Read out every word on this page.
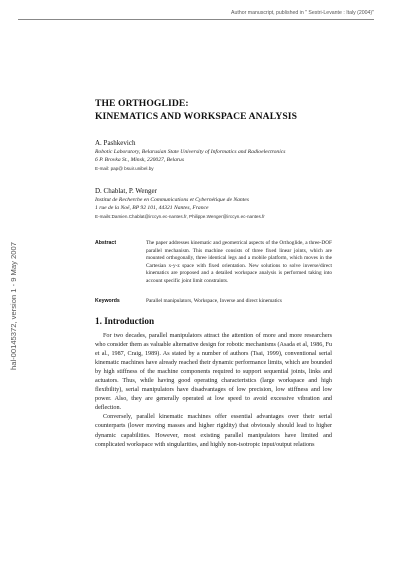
Author manuscript, published in " Sestri-Levante : Italy (2004)"
hal-00145372, version 1 - 9 May 2007
THE ORTHOGLIDE:
KINEMATICS AND WORKSPACE ANALYSIS
A. Pashkevich
Robotic Laboratory, Belarusian State University of Informatics and Radioelectronics
6 P. Brovka St., Minsk, 220027, Belarus
E-mail: pap@ bsuir.unibel.by
D. Chablat, P. Wenger
Institut de Recherche en Communications et Cybernétique de Nantes
1 rue de la Noë, BP 92 101, 44321 Nantes, France
E-mails:Damien.Chablat@irccyn.ec-nantes.fr, Philippe.Wenger@irccyn.ec-nantes.fr
Abstract	The paper addresses kinematic and geometrical aspects of the Orthoglide, a three-DOF parallel mechanism. This machine consists of three fixed linear joints, which are mounted orthogonally, three identical legs and a mobile platform, which moves in the Cartesian x-y-z space with fixed orientation. New solutions to solve inverse/direct kinematics are proposed and a detailed workspace analysis is performed taking into account specific joint limit constraints.
Keywords	Parallel manipulators, Workspace, Inverse and direct kinematics
1. Introduction

For two decades, parallel manipulators attract the attention of more and more researchers who consider them as valuable alternative design for robotic mechanisms (Asada et al, 1986, Fu et al., 1987, Craig, 1989). As stated by a number of authors (Tsai, 1999), conventional serial kinematic machines have already reached their dynamic performance limits, which are bounded by high stiffness of the machine components required to support sequential joints, links and actuators. Thus, while having good operating characteristics (large workspace and high flexibility), serial manipulators have disadvantages of low precision, low stiffness and low power. Also, they are generally operated at low speed to avoid excessive vibration and deflection.

Conversely, parallel kinematic machines offer essential advantages over their serial counterparts (lower moving masses and higher rigidity) that obviously should lead to higher dynamic capabilities. However, most existing parallel manipulators have limited and complicated workspace with singularities, and highly non-isotropic input/output relations
